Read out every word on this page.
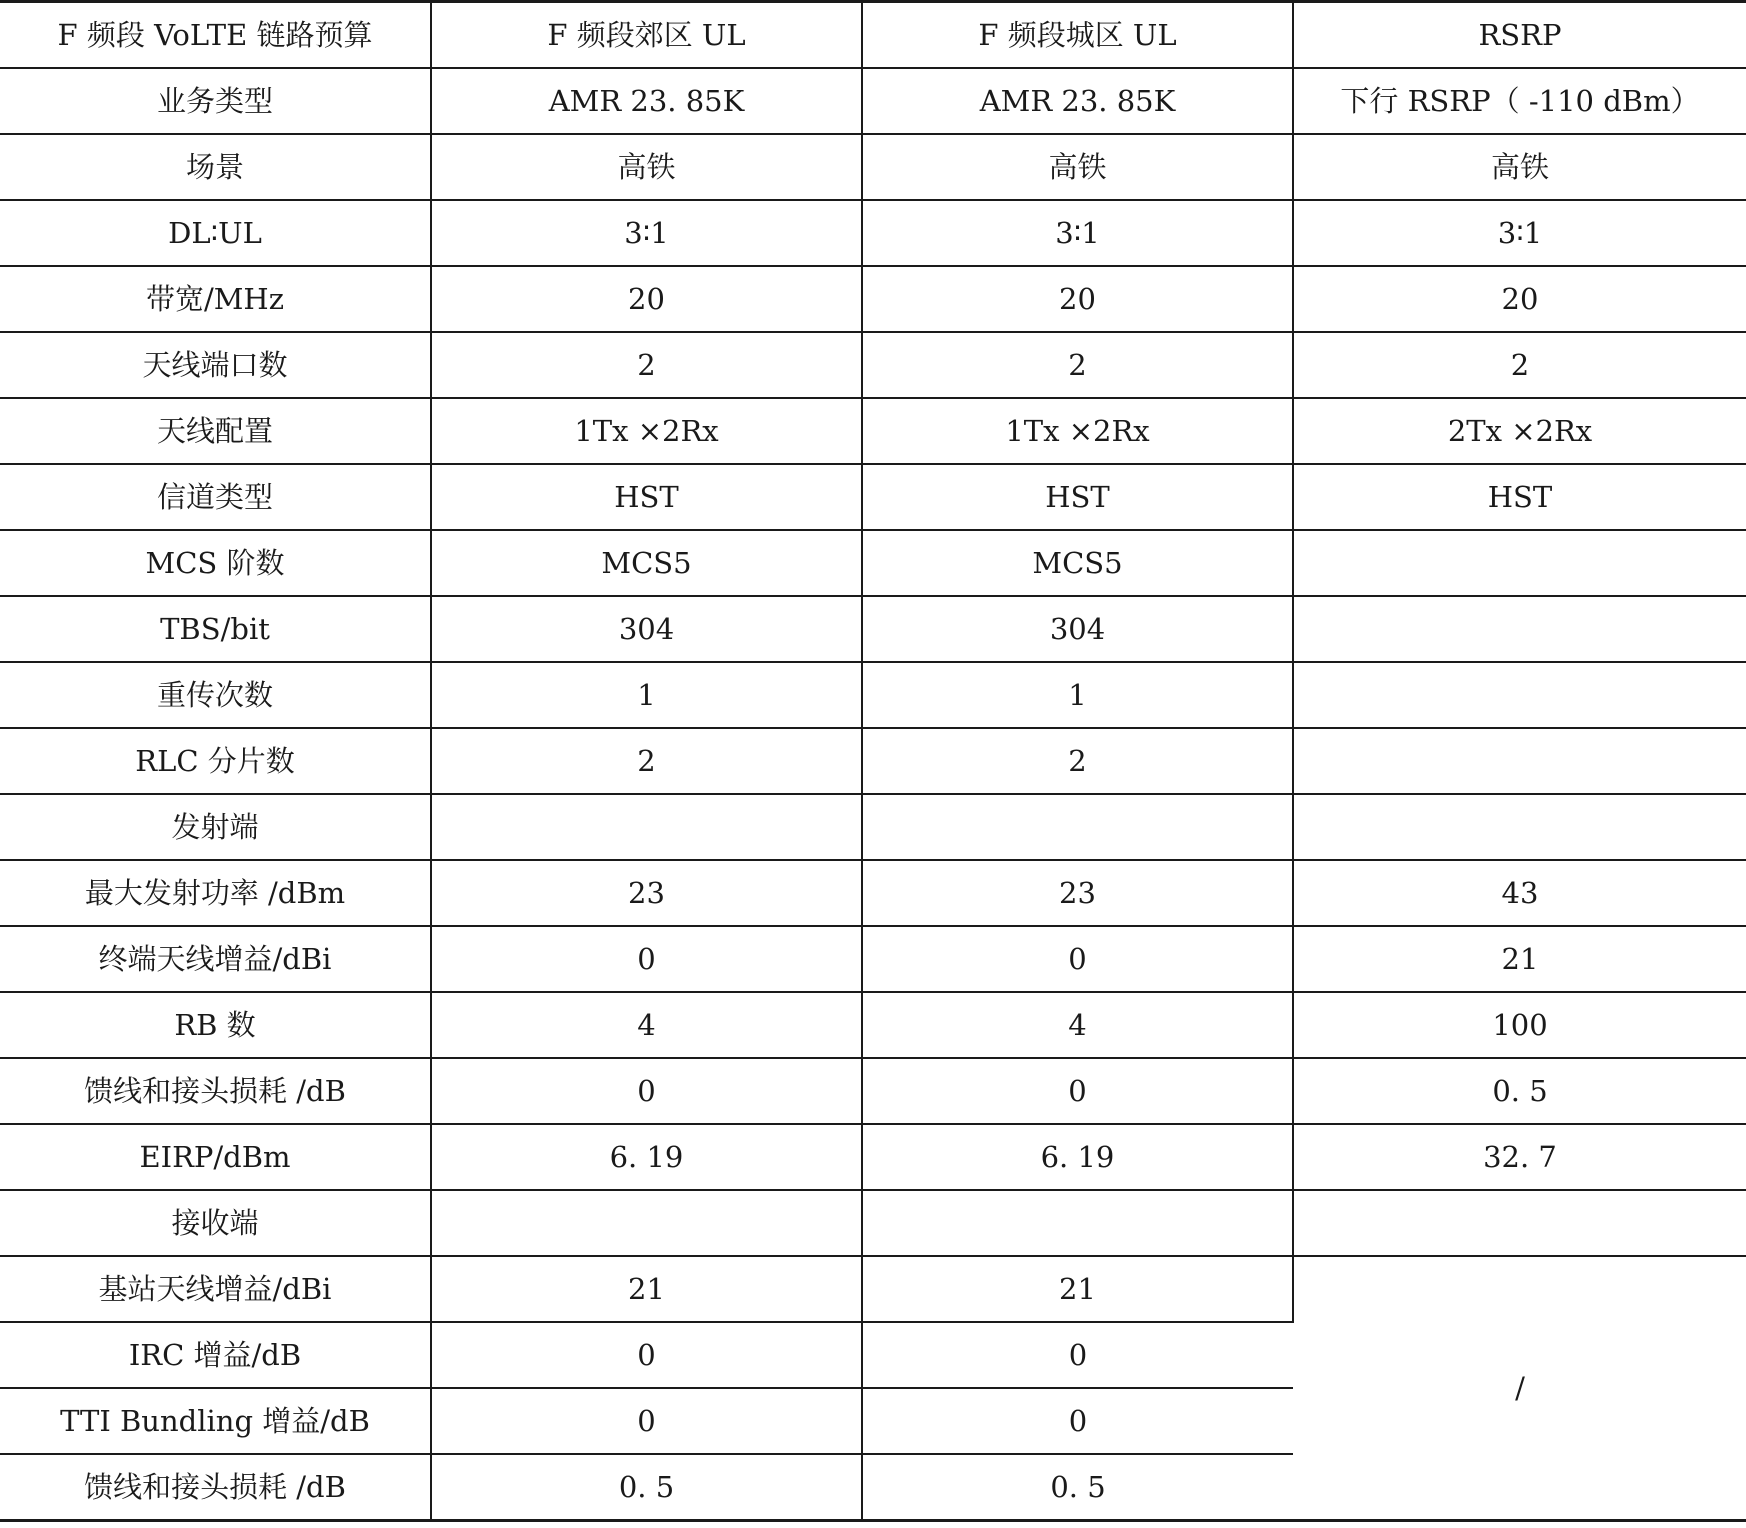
F 频段 VoLTE 链路预算	F 频段郊区 UL	F 频段城区 UL	RSRP
业务类型	AMR 23. 85K	AMR 23. 85K	下行 RSRP（ -110 dBm）
场景	高铁	高铁	高铁
DL∶UL	3∶1	3∶1	3∶1
带宽/MHz	20	20	20
天线端口数	2	2	2
天线配置	1Tx ×2Rx	1Tx ×2Rx	2Tx ×2Rx
信道类型	HST	HST	HST
MCS 阶数	MCS5	MCS5	
TBS/bit	304	304	
重传次数	1	1	
RLC 分片数	2	2	
发射端			
最大发射功率 /dBm	23	23	43
终端天线增益/dBi	0	0	21
RB 数	4	4	100
馈线和接头损耗 /dB	0	0	0. 5
EIRP/dBm	6. 19	6. 19	32. 7
接收端			
基站天线增益/dBi	21	21	/
IRC 增益/dB	0	0	
TTI Bundling 增益/dB	0	0	
馈线和接头损耗 /dB	0. 5	0. 5	
